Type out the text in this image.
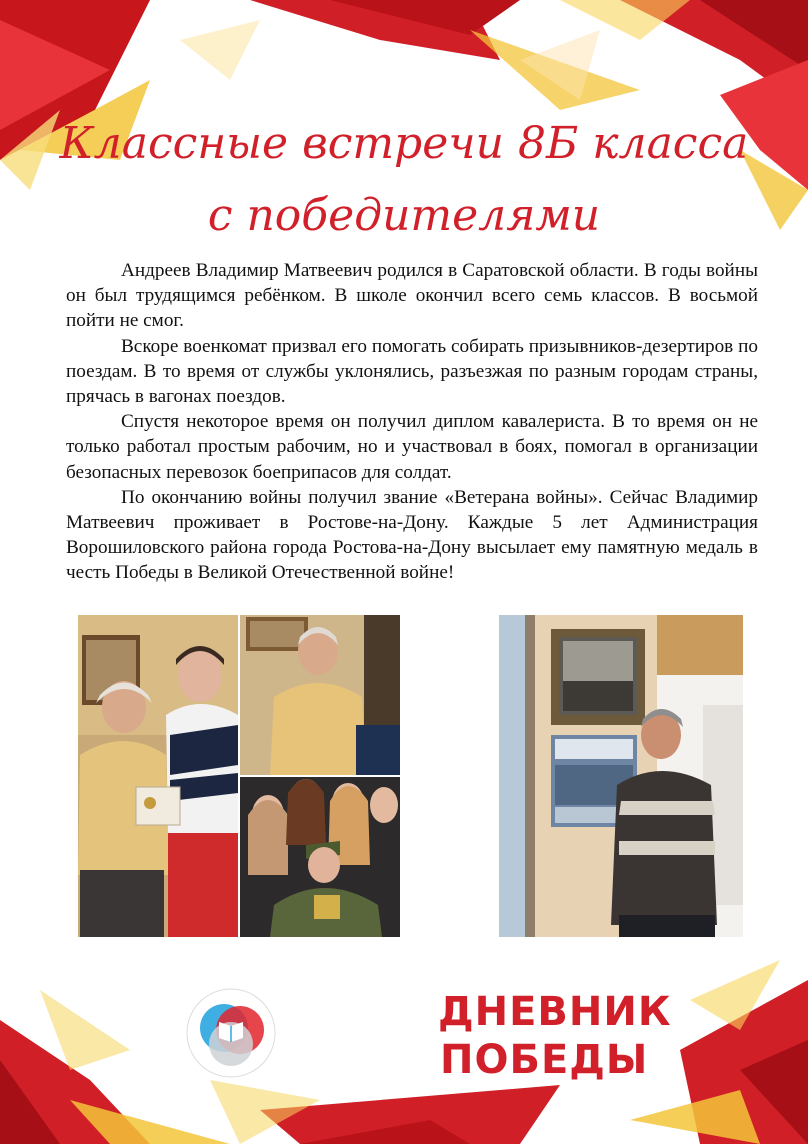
Классные встречи 8Б класса
с победителями

Андреев Владимир Матвеевич родился в Саратовской области. В годы войны он был трудящимся ребёнком. В школе окончил всего семь классов. В восьмой пойти не смог.

Вскоре военкомат призвал его помогать собирать призывников-дезертиров по поездам. В то время от службы уклонялись, разъезжая по разным городам страны, прячась в вагонах поездов.

Спустя некоторое время он получил диплом кавалериста. В то время он не только работал простым рабочим, но и участвовал в боях, помогал в организации безопасных перевозок боеприпасов для солдат.

По окончанию войны получил звание «Ветерана войны». Сейчас Владимир Матвеевич проживает в Ростове-на-Дону. Каждые 5 лет Администрация Ворошиловского района города Ростова-на-Дону высылает ему памятную медаль в честь Победы в Великой Отечественной войне!

ДНЕВНИК
ПОБЕДЫ
